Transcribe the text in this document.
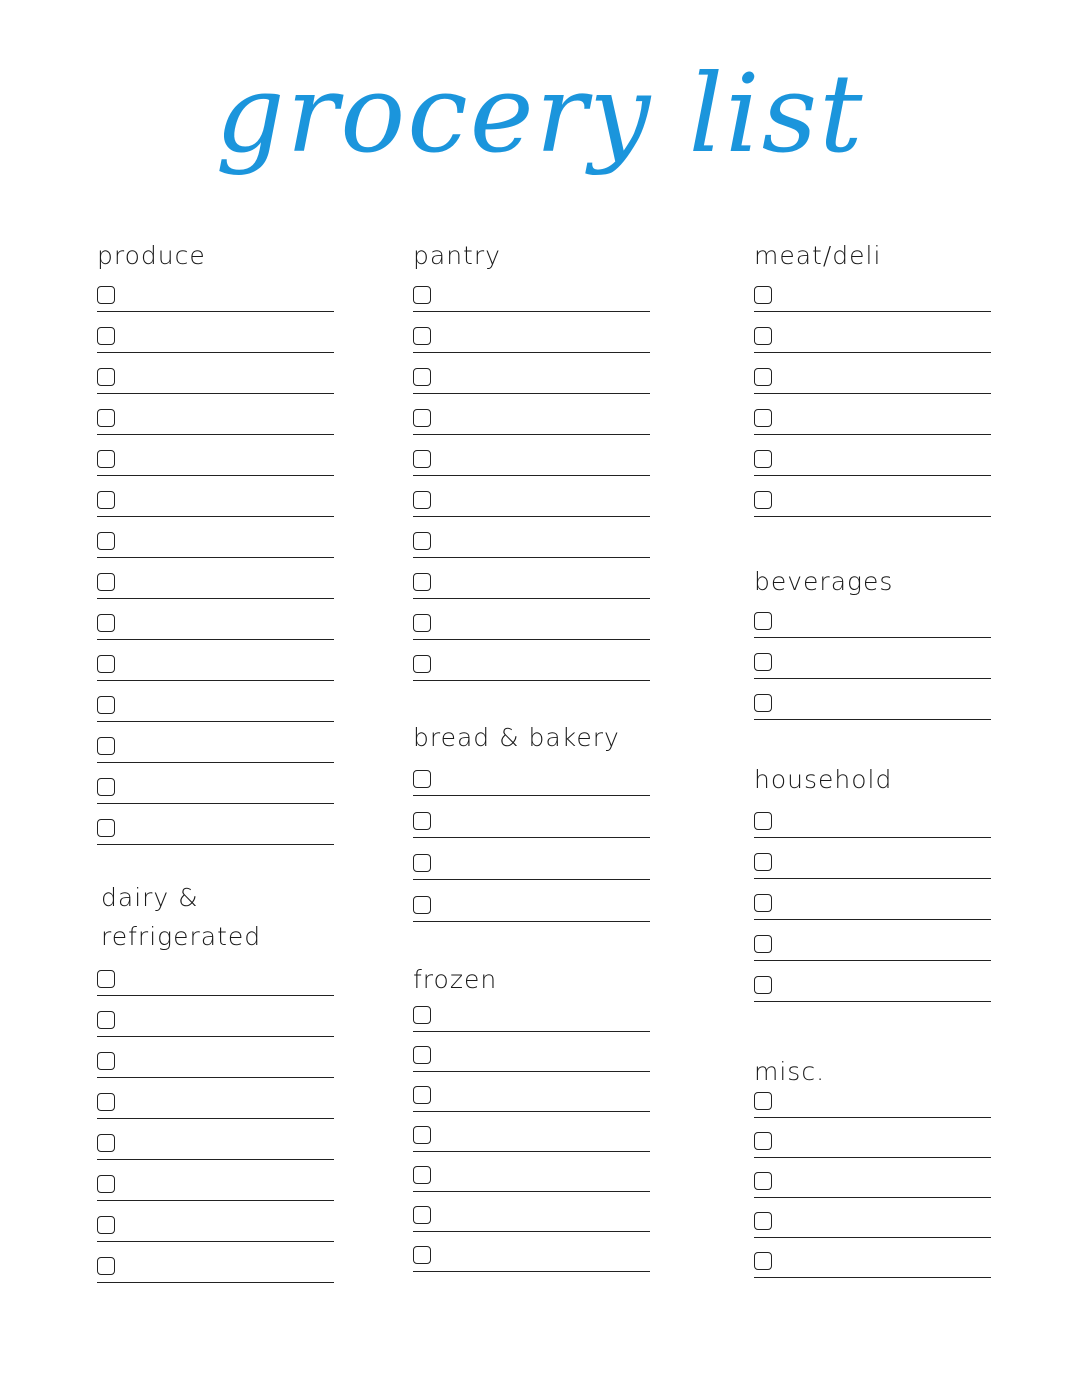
grocery list
produce
dairy &
refrigerated
pantry
bread & bakery
frozen
meat/deli
beverages
household
misc.
